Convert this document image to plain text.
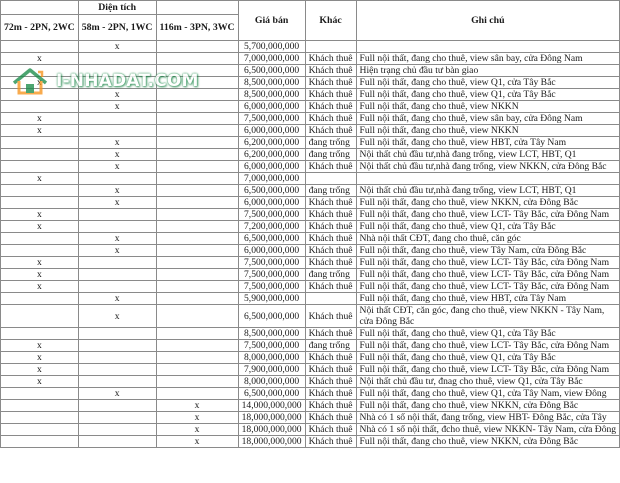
	Diện tích		Giá bán	Khác	Ghi chú
72m - 2PN, 2WC	58m - 2PN, 1WC	116m - 3PN, 3WC			
	x		5,700,000,000		
x			7,000,000,000	Khách thuê	Full nội thất, đang cho thuê, view sân bay, cửa Đông Nam
			6,500,000,000	Khách thuê	Hiện trạng chủ đầu tư bàn giao
x			8,500,000,000	Khách thuê	Full nội thất, đang cho thuê, view Q1, cửa Tây Bắc
	x		8,500,000,000	Khách thuê	Full nội thất, đang cho thuê, view Q1, cửa Tây Bắc
	x		6,000,000,000	Khách thuê	Full nội thất, đang cho thuê, view NKKN
x			7,500,000,000	Khách thuê	Full nội thất, đang cho thuê, view sân bay, cửa Đông Nam
x			6,000,000,000	Khách thuê	Full nội thất, đang cho thuê, view NKKN
	x		6,200,000,000	đang trống	Full nội thất, đang cho thuê, view HBT, cửa Tây Nam
	x		6,200,000,000	đang trống	Nội thất chủ đầu tư,nhà đang trống, view LCT, HBT, Q1
	x		6,000,000,000	Khách thuê	Nội thất chủ đầu tư,nhà đang trống, view NKKN, cửa Đông Bắc
x			7,000,000,000		
	x		6,500,000,000	đang trống	Nội thất chủ đầu tư,nhà đang trống, view LCT, HBT, Q1
	x		6,000,000,000	Khách thuê	Full nội thất, đang cho thuê, view NKKN, cửa Đông Bắc
x			7,500,000,000	Khách thuê	Full nội thất, đang cho thuê, view LCT- Tây Bắc, cửa Đông Nam
x			7,200,000,000	Khách thuê	Full nội thất, đang cho thuê, view Q1, cửa Tây Bắc
	x		6,500,000,000	Khách thuê	Nhà nội thất CĐT, đang cho thuê, căn góc
	x		6,000,000,000	Khách thuê	Full nội thất, đang cho thuê, view Tây Nam, cửa Đông Bắc
x			7,500,000,000	Khách thuê	Full nội thất, đang cho thuê, view LCT- Tây Bắc, cửa Đông Nam
x			7,500,000,000	đang trống	Full nội thất, đang cho thuê, view LCT- Tây Bắc, cửa Đông Nam
x			7,500,000,000	Khách thuê	Full nội thất, đang cho thuê, view LCT- Tây Bắc, cửa Đông Nam
	x		5,900,000,000		Full nội thất, đang cho thuê, view HBT, cửa Tây Nam
	x		6,500,000,000	Khách thuê	Nội thất CĐT, căn góc, đang cho thuê, view NKKN - Tây Nam, cửa Đông Bắc
			8,500,000,000	Khách thuê	Full nội thất, đang cho thuê, view Q1, cửa Tây Bắc
x			7,500,000,000	đang trống	Full nội thất, đang cho thuê, view LCT- Tây Bắc, cửa Đông Nam
x			8,000,000,000	Khách thuê	Full nội thất, đang cho thuê, view Q1, cửa Tây Bắc
x			7,900,000,000	Khách thuê	Full nội thất, đang cho thuê, view LCT- Tây Bắc, cửa Đông Nam
x			8,000,000,000	Khách thuê	Nội thất chủ đầu tư, đnag cho thuê, view Q1, cửa Tây Bắc
	x		6,500,000,000	Khách thuê	Full nội thất, đang cho thuê, view Q1, cửa Tây Nam, view Đông
		x	14,000,000,000	Khách thuê	Full nội thất, đang cho thuê, view NKKN, cửa Đông Bắc
		x	18,000,000,000	Khách thuê	Nhà có 1 số nội thất, đang trống, view HBT- Đông Bắc, cửa Tây
		x	18,000,000,000	Khách thuê	Nhà có 1 số nội thất, đcho thuê, view NKKN- Tây Nam, cửa Đông
		x	18,000,000,000	Khách thuê	Full nội thất, đang cho thuê, view NKKN, cửa Đông Bắc
I-NHADAT.COM
